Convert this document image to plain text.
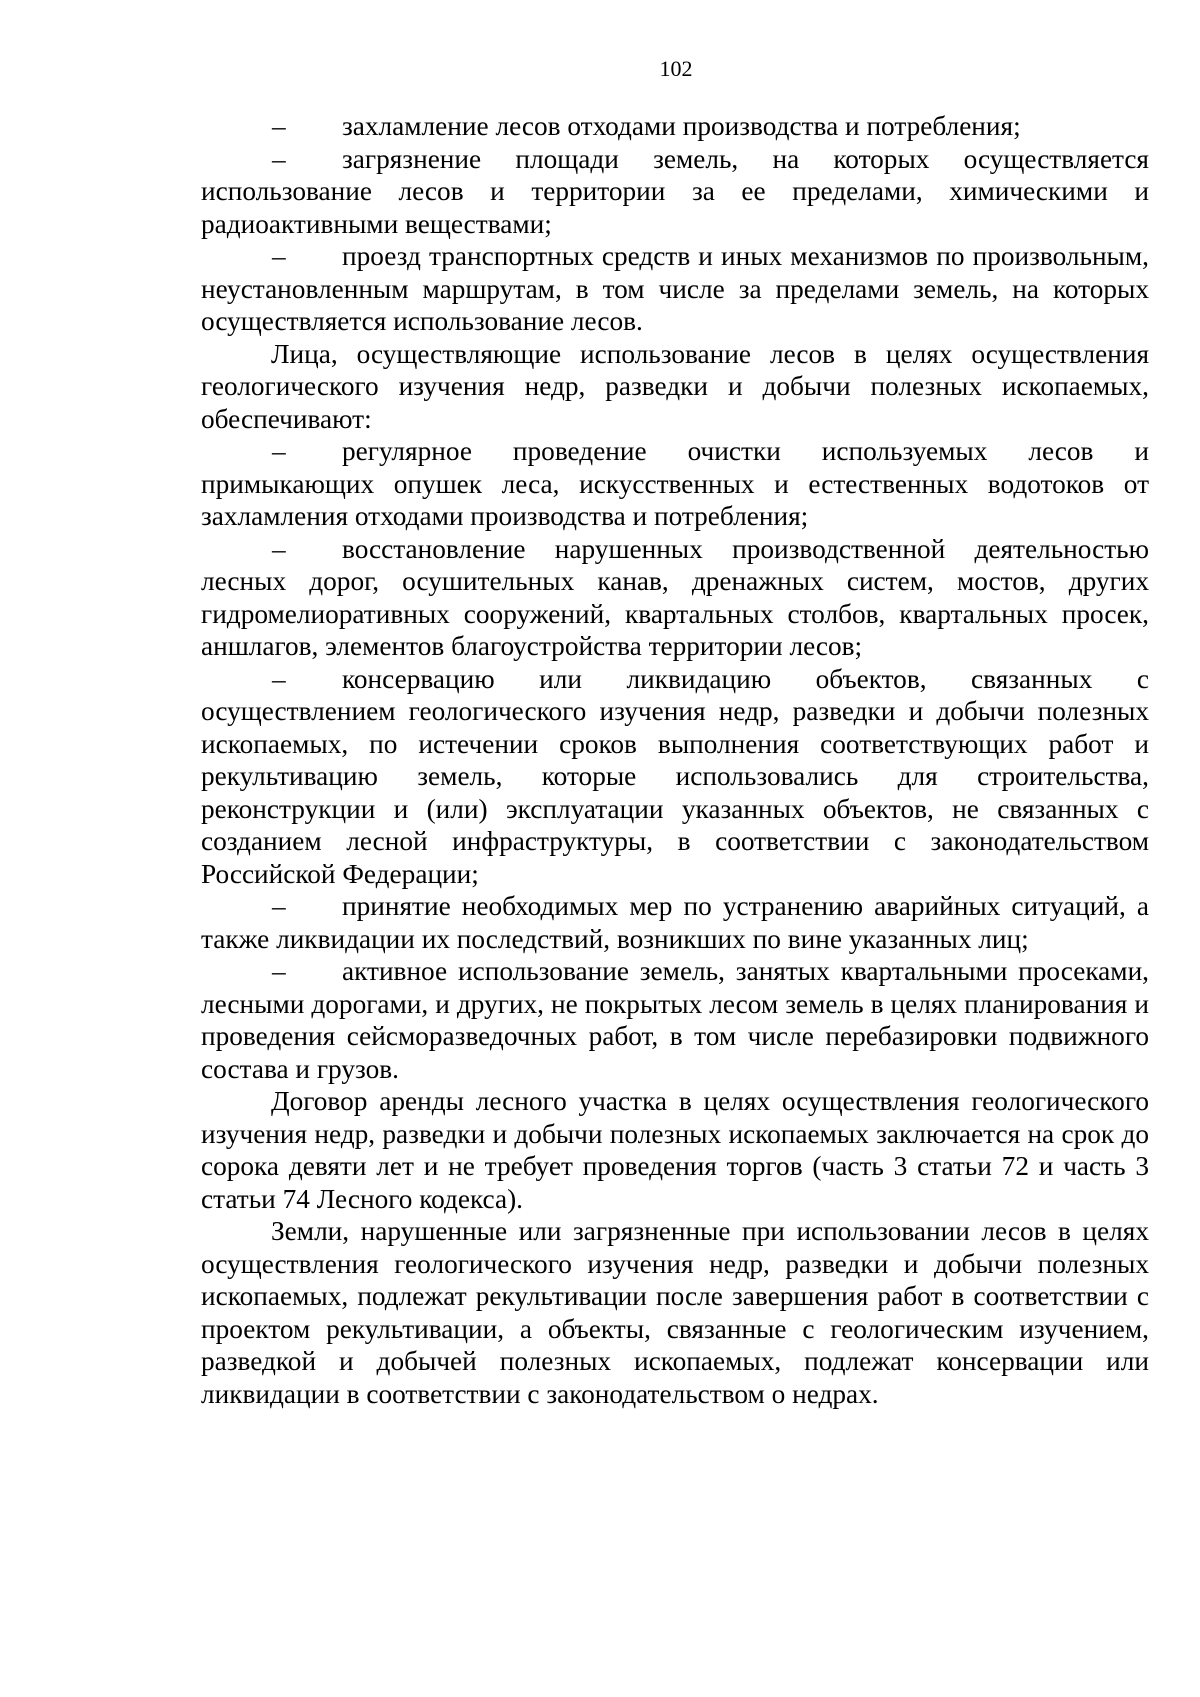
102

– захламление лесов отходами производства и потребления;

– загрязнение площади земель, на которых осуществляется использование лесов и территории за ее пределами, химическими и радиоактивными веществами;

– проезд транспортных средств и иных механизмов по произвольным, неустановленным маршрутам, в том числе за пределами земель, на которых осуществляется использование лесов.

Лица, осуществляющие использование лесов в целях осуществления геологического изучения недр, разведки и добычи полезных ископаемых, обеспечивают:

– регулярное проведение очистки используемых лесов и примыкающих опушек леса, искусственных и естественных водотоков от захламления отходами производства и потребления;

– восстановление нарушенных производственной деятельностью лесных дорог, осушительных канав, дренажных систем, мостов, других гидромелиоративных сооружений, квартальных столбов, квартальных просек, аншлагов, элементов благоустройства территории лесов;

– консервацию или ликвидацию объектов, связанных с осуществлением геологического изучения недр, разведки и добычи полезных ископаемых, по истечении сроков выполнения соответствующих работ и рекультивацию земель, которые использовались для строительства, реконструкции и (или) эксплуатации указанных объектов, не связанных с созданием лесной инфраструктуры, в соответствии с законодательством Российской Федерации;

– принятие необходимых мер по устранению аварийных ситуаций, а также ликвидации их последствий, возникших по вине указанных лиц;

– активное использование земель, занятых квартальными просеками, лесными дорогами, и других, не покрытых лесом земель в целях планирования и проведения сейсморазведочных работ, в том числе перебазировки подвижного состава и грузов.

Договор аренды лесного участка в целях осуществления геологического изучения недр, разведки и добычи полезных ископаемых заключается на срок до сорока девяти лет и не требует проведения торгов (часть 3 статьи 72 и часть 3 статьи 74 Лесного кодекса).

Земли, нарушенные или загрязненные при использовании лесов в целях осуществления геологического изучения недр, разведки и добычи полезных ископаемых, подлежат рекультивации после завершения работ в соответствии с проектом рекультивации, а объекты, связанные с геологическим изучением, разведкой и добычей полезных ископаемых, подлежат консервации или ликвидации в соответствии с законодательством о недрах.
